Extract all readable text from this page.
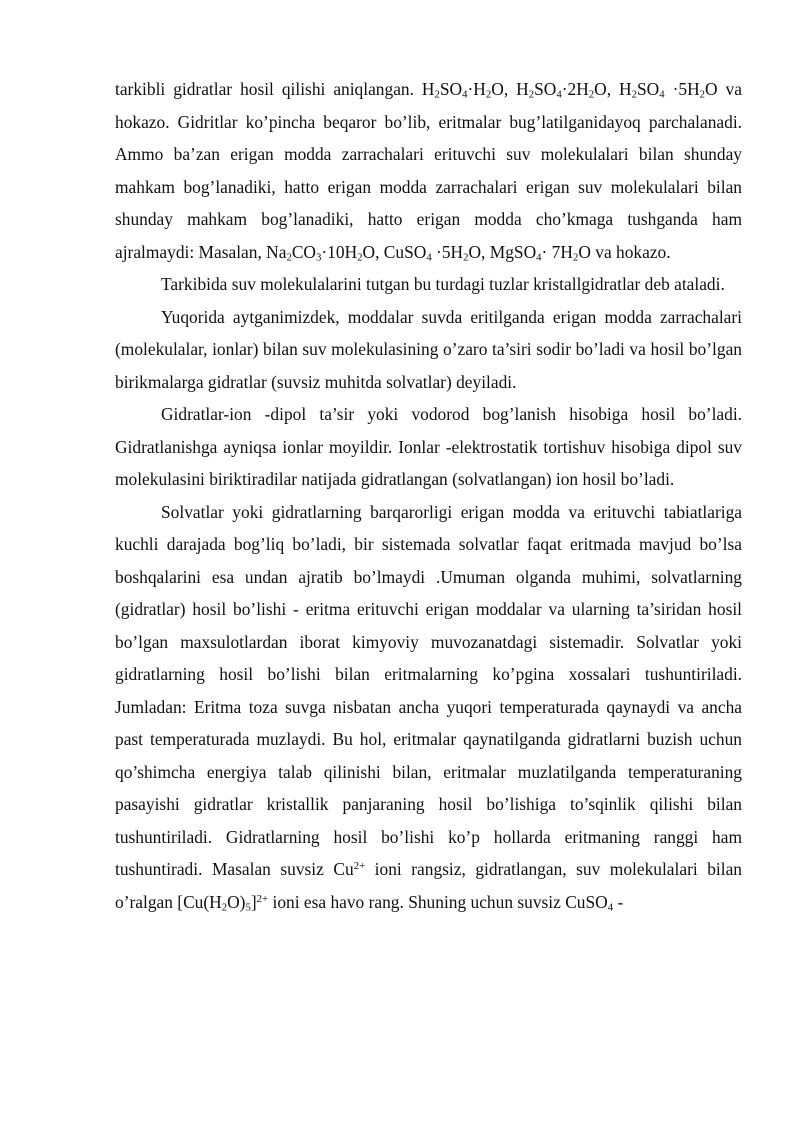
tarkibli gidratlar hosil qilishi aniqlangan. $H_2SO_4\cdot H_2O$, $H_2SO_4\cdot 2H_2O$, $H_2SO_4 \cdot 5H_2O$ va hokazo. Gidritlar ko’pincha beqaror bo’lib, eritmalar bug’latilganidayoq parchalanadi. Ammo ba’zan erigan modda zarrachalari erituvchi suv molekulalari bilan shunday mahkam bog’lanadiki, hatto erigan modda zarrachalari erigan suv molekulalari bilan shunday mahkam bog’lanadiki, hatto erigan modda cho’kmaga tushganda ham ajralmaydi: Masalan, $Na_2CO_3\cdot 10H_2O$, CuSO$_4$ $\cdot 5H_2O$, MgSO$_4$· $7H_2O$ va hokazo.

Tarkibida suv molekulalarini tutgan bu turdagi tuzlar kristallgidratlar deb ataladi.

Yuqorida aytganimizdek, moddalar suvda eritilganda erigan modda zarrachalari (molekulalar, ionlar) bilan suv molekulasining o’zaro ta’siri sodir bo’ladi va hosil bo’lgan birikmalarga gidratlar (suvsiz muhitda solvatlar) deyiladi.

Gidratlar-ion -dipol ta’sir yoki vodorod bog’lanish hisobiga hosil bo’ladi. Gidratlanishga ayniqsa ionlar moyildir. Ionlar -elektrostatik tortishuv hisobiga dipol suv molekulasini biriktiradilar natijada gidratlangan (solvatlangan) ion hosil bo’ladi.

Solvatlar yoki gidratlarning barqarorligi erigan modda va erituvchi tabiatlariga kuchli darajada bog’liq bo’ladi, bir sistemada solvatlar faqat eritmada mavjud bo’lsa boshqalarini esa undan ajratib bo’lmaydi .Umuman olganda muhimi, solvatlarning (gidratlar) hosil bo’lishi - eritma erituvchi erigan moddalar va ularning ta’siridan hosil bo’lgan maxsulotlardan iborat kimyoviy muvozanatdagi sistemadir. Solvatlar yoki gidratlarning hosil bo’lishi bilan eritmalarning ko’pgina xossalari tushuntiriladi. Jumladan: Eritma toza suvga nisbatan ancha yuqori temperaturada qaynaydi va ancha past temperaturada muzlaydi. Bu hol, eritmalar qaynatilganda gidratlarni buzish uchun qo’shimcha energiya talab qilinishi bilan, eritmalar muzlatilganda temperaturaning pasayishi gidratlar kristallik panjaraning hosil bo’lishiga to’sqinlik qilishi bilan tushuntiriladi. Gidratlarning hosil bo’lishi ko’p hollarda eritmaning ranggi ham tushuntiradi. Masalan suvsiz $Cu^{2+}$ ioni rangsiz, gidratlangan, suv molekulalari bilan o’ralgan $[Cu(H_2O)_5]^{2+}$ ioni esa havo rang. Shuning uchun suvsiz CuSO$_4$ -
